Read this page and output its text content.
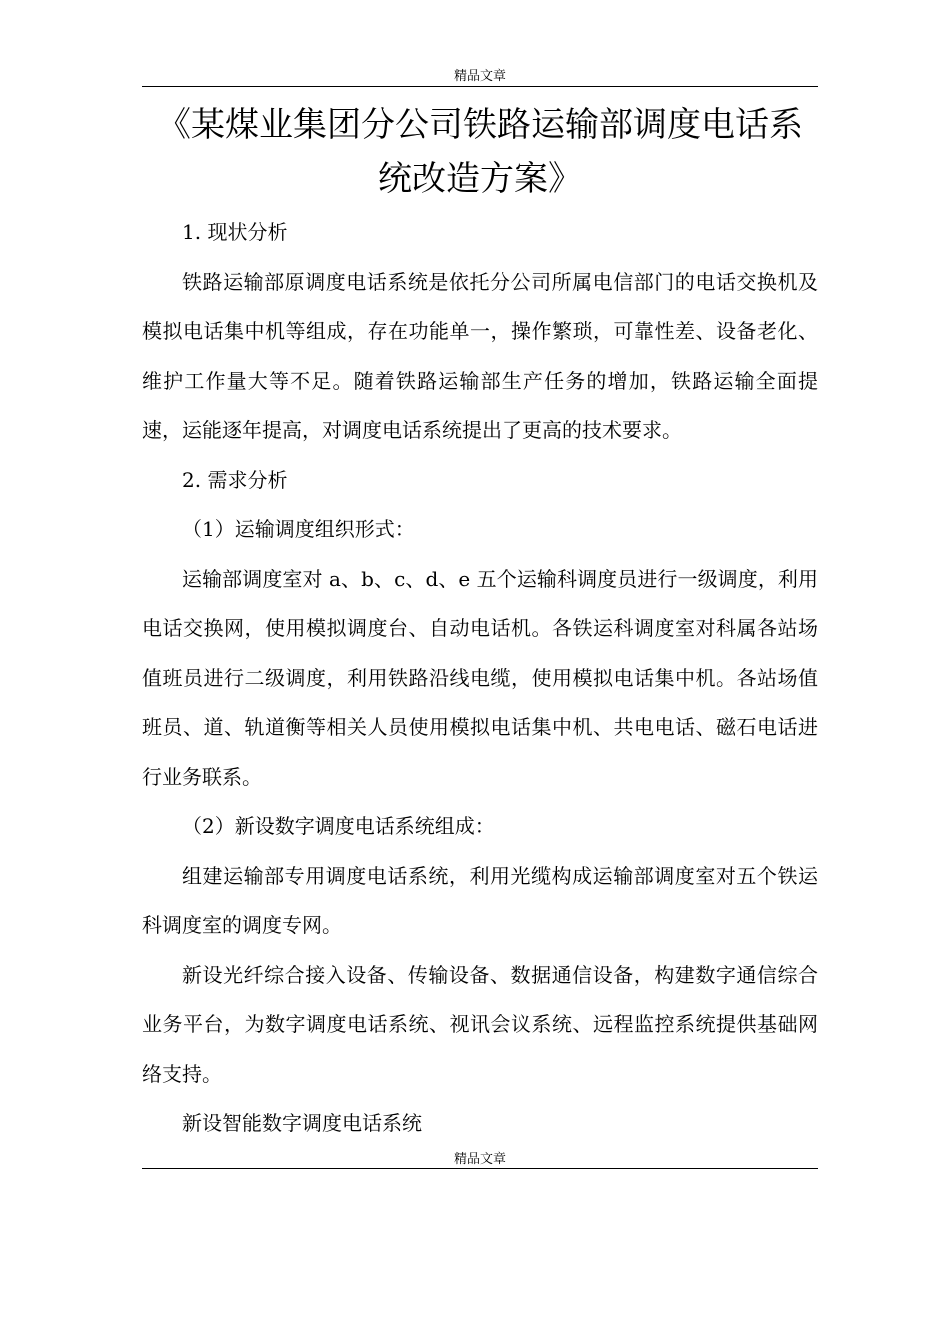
精品文章
《某煤业集团分公司铁路运输部调度电话系
统改造方案》

1. 现状分析

铁路运输部原调度电话系统是依托分公司所属电信部门的电话交换机及模拟电话集中机等组成，存在功能单一，操作繁琐，可靠性差、设备老化、维护工作量大等不足。随着铁路运输部生产任务的增加，铁路运输全面提速，运能逐年提高，对调度电话系统提出了更高的技术要求。

2. 需求分析

（1）运输调度组织形式：

运输部调度室对 a、b、c、d、e 五个运输科调度员进行一级调度，利用电话交换网，使用模拟调度台、自动电话机。各铁运科调度室对科属各站场值班员进行二级调度，利用铁路沿线电缆，使用模拟电话集中机。各站场值班员、道、轨道衡等相关人员使用模拟电话集中机、共电电话、磁石电话进行业务联系。

（2）新设数字调度电话系统组成：

组建运输部专用调度电话系统，利用光缆构成运输部调度室对五个铁运科调度室的调度专网。

新设光纤综合接入设备、传输设备、数据通信设备，构建数字通信综合业务平台，为数字调度电话系统、视讯会议系统、远程监控系统提供基础网络支持。

新设智能数字调度电话系统

精品文章
